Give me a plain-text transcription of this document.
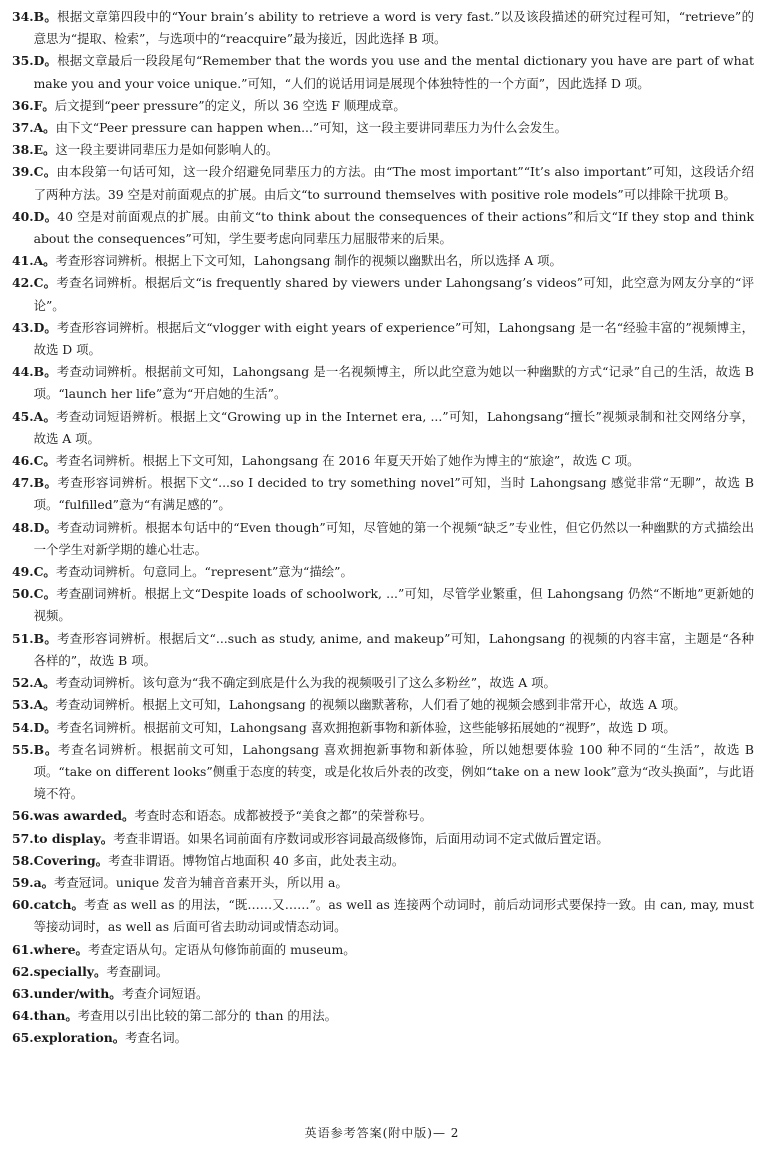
34. B。根据文章第四段中的“Your brain’s ability to retrieve a word is very fast.”以及该段描述的研究过程可知，“retrieve”的意思为“提取、检索”，与选项中的“reacquire”最为接近，因此选择 B 项。
35. D。根据文章最后一段段尾句“Remember that the words you use and the mental dictionary you have are part of what make you and your voice unique.”可知，“人们的说话用词是展现个体独特性的一个方面”，因此选择 D 项。
36. F。后文提到“peer pressure”的定义，所以 36 空选 F 顺理成章。
37. A。由下文“Peer pressure can happen when...”可知，这一段主要讲同辈压力为什么会发生。
38. E。这一段主要讲同辈压力是如何影响人的。
39. C。由本段第一句话可知，这一段介绍避免同辈压力的方法。由“The most important”“It’s also important”可知，这段话介绍了两种方法。39 空是对前面观点的扩展。由后文“to surround themselves with positive role models”可以排除干扰项 B。
40. D。40 空是对前面观点的扩展。由前文“to think about the consequences of their actions”和后文“If they stop and think about the consequences”可知，学生要考虑向同辈压力屈服带来的后果。
41. A。考查形容词辨析。根据上下文可知，Lahongsang 制作的视频以幽默出名，所以选择 A 项。
42. C。考查名词辨析。根据后文“is frequently shared by viewers under Lahongsang’s videos”可知，此空意为网友分享的“评论”。
43. D。考查形容词辨析。根据后文“vlogger with eight years of experience”可知，Lahongsang 是一名“经验丰富的”视频博主，故选 D 项。
44. B。考查动词辨析。根据前文可知，Lahongsang 是一名视频博主，所以此空意为她以一种幽默的方式“记录”自己的生活，故选 B 项。“launch her life”意为“开启她的生活”。
45. A。考查动词短语辨析。根据上文“Growing up in the Internet era, ...”可知，Lahongsang“擅长”视频录制和社交网络分享，故选 A 项。
46. C。考查名词辨析。根据上下文可知，Lahongsang 在 2016 年夏天开始了她作为博主的“旅途”，故选 C 项。
47. B。考查形容词辨析。根据下文“...so I decided to try something novel”可知，当时 Lahongsang 感觉非常“无聊”，故选 B 项。“fulfilled”意为“有满足感的”。
48. D。考查动词辨析。根据本句话中的“Even though”可知，尽管她的第一个视频“缺乏”专业性，但它仍然以一种幽默的方式描绘出一个学生对新学期的雄心壮志。
49. C。考查动词辨析。句意同上。“represent”意为“描绘”。
50. C。考查副词辨析。根据上文“Despite loads of schoolwork, ...”可知，尽管学业繁重，但 Lahongsang 仍然“不断地”更新她的视频。
51. B。考查形容词辨析。根据后文“...such as study, anime, and makeup”可知，Lahongsang 的视频的内容丰富，主题是“各种各样的”，故选 B 项。
52. A。考查动词辨析。该句意为“我不确定到底是什么为我的视频吸引了这么多粉丝”，故选 A 项。
53. A。考查动词辨析。根据上文可知，Lahongsang 的视频以幽默著称，人们看了她的视频会感到非常开心，故选 A 项。
54. D。考查名词辨析。根据前文可知，Lahongsang 喜欢拥抱新事物和新体验，这些能够拓展她的“视野”，故选 D 项。
55. B。考查名词辨析。根据前文可知，Lahongsang 喜欢拥抱新事物和新体验，所以她想要体验 100 种不同的“生活”，故选 B 项。“take on different looks”侧重于态度的转变，或是化妆后外表的改变，例如“take on a new look”意为“改头换面”，与此语境不符。
56. was awarded。考查时态和语态。成都被授予“美食之都”的荣誉称号。
57. to display。考查非谓语。如果名词前面有序数词或形容词最高级修饰，后面用动词不定式做后置定语。
58. Covering。考查非谓语。博物馆占地面积 40 多亩，此处表主动。
59. a。考查冠词。unique 发音为辅音音素开头，所以用 a。
60. catch。考查 as well as 的用法，“既……又……”。as well as 连接两个动词时，前后动词形式要保持一致。由 can, may, must 等接动词时，as well as 后面可省去助动词或情态动词。
61. where。考查定语从句。定语从句修饰前面的 museum。
62. specially。考查副词。
63. under/with。考查介词短语。
64. than。考查用以引出比较的第二部分的 than 的用法。
65. exploration。考查名词。
英语参考答案(附中版)— 2
